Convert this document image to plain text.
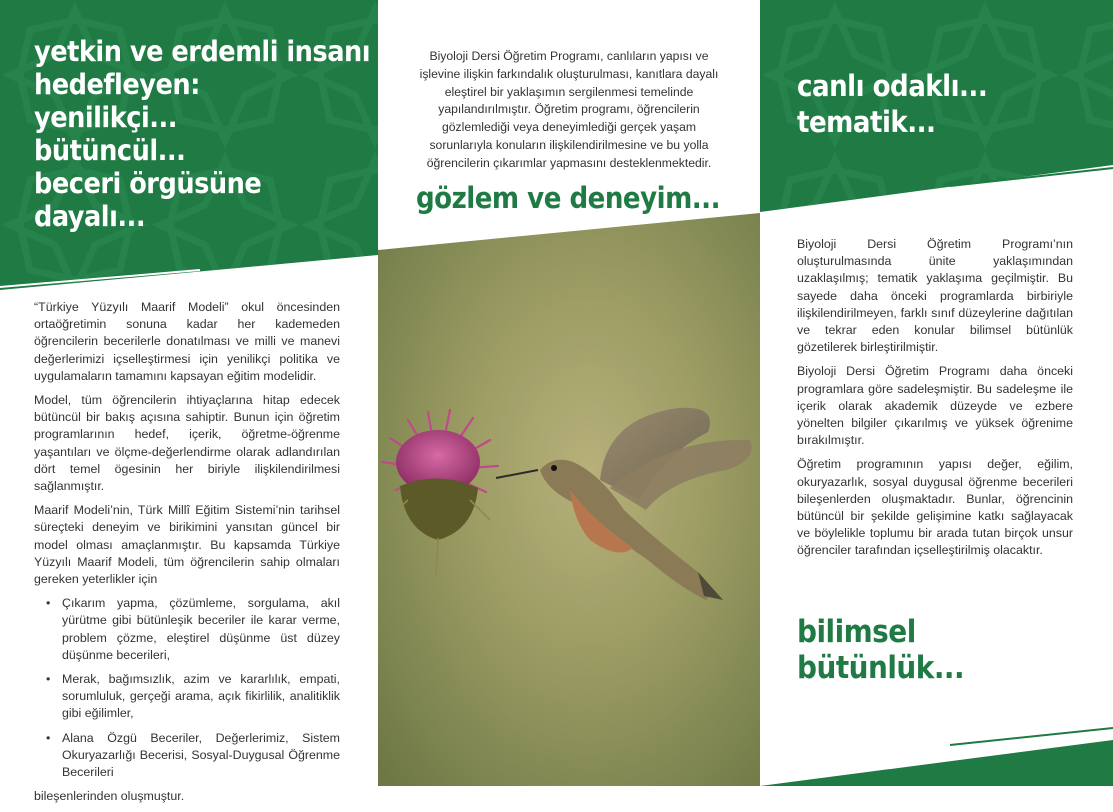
yetkin ve erdemli insanı
hedefleyen:
yenilikçi...
bütüncül...
beceri örgüsüne
dayalı...

“Türkiye Yüzyılı Maarif Modeli” okul öncesinden ortaöğretimin sonuna kadar her kademeden öğrencilerin becerilerle donatılması ve milli ve manevi değerlerimizi içselleştirmesi için yenilikçi politika ve uygulamaların tamamını kapsayan eğitim modelidir.

Model, tüm öğrencilerin ihtiyaçlarına hitap edecek bütüncül bir bakış açısına sahiptir. Bunun için öğretim programlarının hedef, içerik, öğretme-öğrenme yaşantıları ve ölçme-değerlendirme olarak adlandırılan dört temel ögesinin her biriyle ilişkilendirilmesi sağlanmıştır.

Maarif Modeli’nin, Türk Millî Eğitim Sistemi’nin tarihsel süreçteki deneyim ve birikimini yansıtan güncel bir model olması amaçlanmıştır. Bu kapsamda Türkiye Yüzyılı Maarif Modeli, tüm öğrencilerin sahip olmaları gereken yeterlikler için

• Çıkarım yapma, çözümleme, sorgulama, akıl yürütme gibi bütünleşik beceriler ile karar verme, problem çözme, eleştirel düşünme üst düzey düşünme becerileri,
• Merak, bağımsızlık, azim ve kararlılık, empati, sorumluluk, gerçeği arama, açık fikirlilik, analitiklik gibi eğilimler,
• Alana Özgü Beceriler, Değerlerimiz, Sistem Okuryazarlığı Becerisi, Sosyal-Duygusal Öğrenme Becerileri

bileşenlerinden oluşmuştur.

Biyoloji Dersi Öğretim Programı, canlıların yapısı ve işlevine ilişkin farkındalık oluşturulması, kanıtlara dayalı eleştirel bir yaklaşımın sergilenmesi temelinde yapılandırılmıştır. Öğretim programı, öğrencilerin gözlemlediği veya deneyimlediği gerçek yaşam sorunlarıyla konuların ilişkilendirilmesine ve bu yolla öğrencilerin çıkarımlar yapmasını desteklenmektedir.

gözlem ve deneyim...
canlı odaklı...
tematik...

Biyoloji Dersi Öğretim Programı’nın oluşturulmasında ünite yaklaşımından uzaklaşılmış; tematik yaklaşıma geçilmiştir. Bu sayede daha önceki programlarda birbiriyle ilişkilendirilmeyen, farklı sınıf düzeylerine dağıtılan ve tekrar eden konular bilimsel bütünlük gözetilerek birleştirilmiştir.

Biyoloji Dersi Öğretim Programı daha önceki programlara göre sadeleşmiştir. Bu sadeleşme ile içerik olarak akademik düzeyde ve ezbere yönelten bilgiler çıkarılmış ve yüksek öğrenime bırakılmıştır.

Öğretim programının yapısı değer, eğilim, okuryazarlık, sosyal duygusal öğrenme becerileri bileşenlerden oluşmaktadır. Bunlar, öğrencinin bütüncül bir şekilde gelişimine katkı sağlayacak ve böylelikle toplumu bir arada tutan birçok unsur öğrenciler tarafından içselleştirilmiş olacaktır.

bilimsel
bütünlük...
